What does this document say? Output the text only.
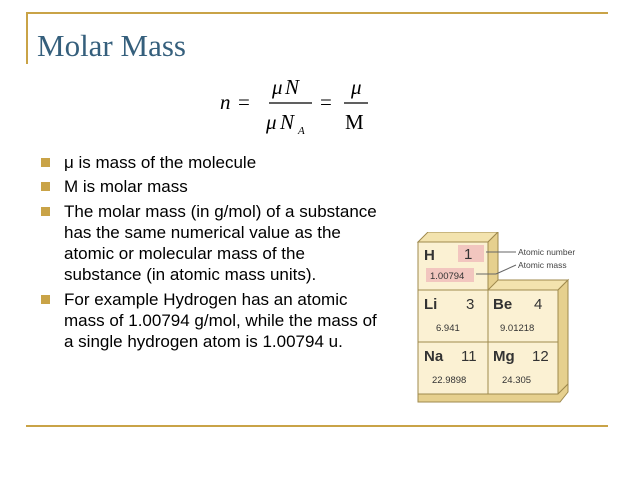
Molar Mass
n =
μ N
μ N A
=
μ
M
μ is mass of the molecule
M is molar mass
The molar mass (in g/mol) of a substance has the same numerical value as the atomic or molecular mass of the substance (in atomic mass units).
For example Hydrogen has an atomic mass of 1.00794 g/mol, while the mass of a single hydrogen atom is 1.00794 u.
H 1
1.00794
Atomic number
Atomic mass
Li 3
6.941
Be 4
9.01218
Na 11
22.9898
Mg 12
24.305
